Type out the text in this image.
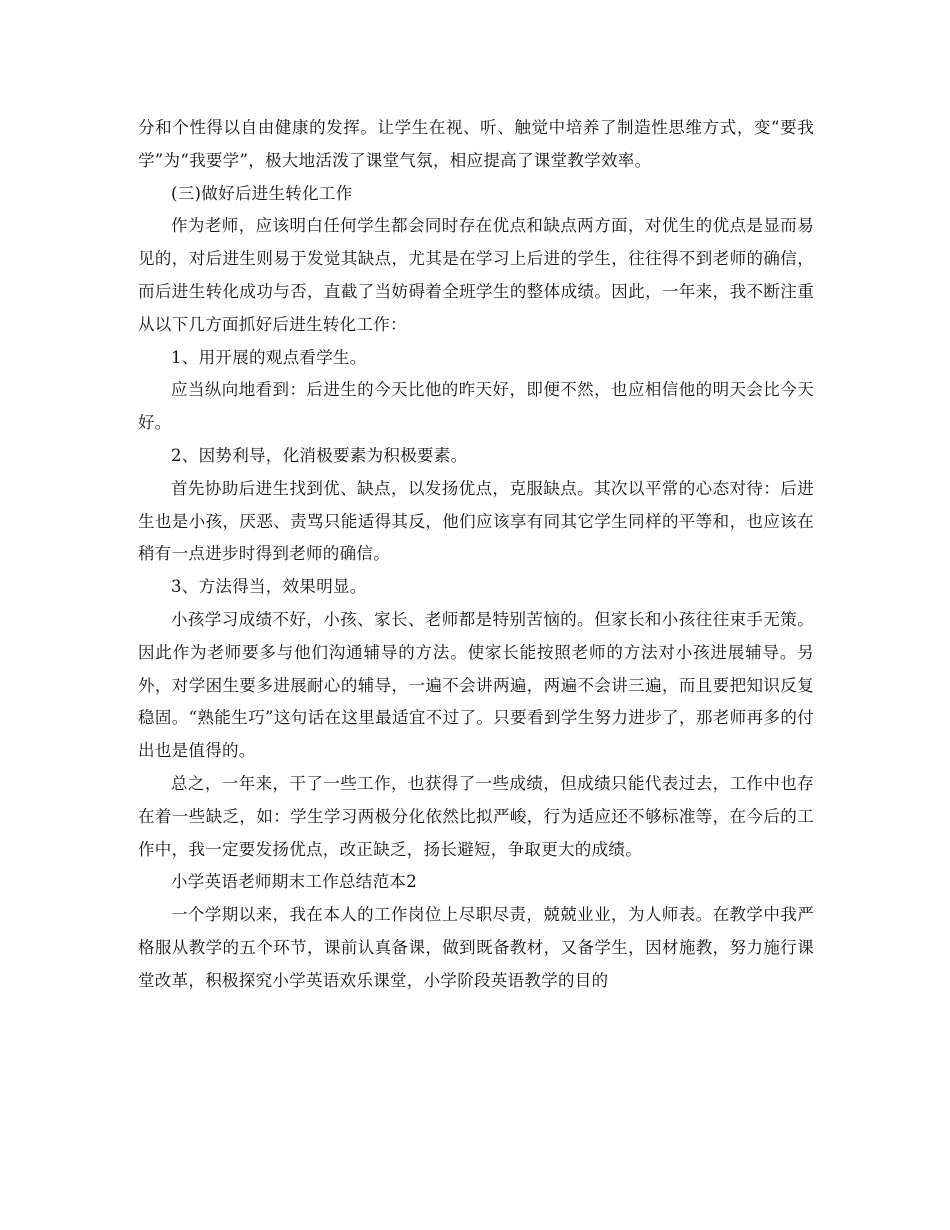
分和个性得以自由健康的发挥。让学生在视、听、触觉中培养了制造性思维方式，变“要我学”为“我要学”，极大地活泼了课堂气氛，相应提高了课堂教学效率。

(三)做好后进生转化工作

作为老师，应该明白任何学生都会同时存在优点和缺点两方面，对优生的优点是显而易见的，对后进生则易于发觉其缺点，尤其是在学习上后进的学生，往往得不到老师的确信，而后进生转化成功与否，直截了当妨碍着全班学生的整体成绩。因此，一年来，我不断注重从以下几方面抓好后进生转化工作：

1、用开展的观点看学生。

应当纵向地看到：后进生的今天比他的昨天好，即便不然，也应相信他的明天会比今天好。

2、因势利导，化消极要素为积极要素。

首先协助后进生找到优、缺点，以发扬优点，克服缺点。其次以平常的心态对待：后进生也是小孩，厌恶、责骂只能适得其反，他们应该享有同其它学生同样的平等和，也应该在稍有一点进步时得到老师的确信。

3、方法得当，效果明显。

小孩学习成绩不好，小孩、家长、老师都是特别苦恼的。但家长和小孩往往束手无策。因此作为老师要多与他们沟通辅导的方法。使家长能按照老师的方法对小孩进展辅导。另外，对学困生要多进展耐心的辅导，一遍不会讲两遍，两遍不会讲三遍，而且要把知识反复稳固。“熟能生巧”这句话在这里最适宜不过了。只要看到学生努力进步了，那老师再多的付出也是值得的。

总之，一年来，干了一些工作，也获得了一些成绩，但成绩只能代表过去，工作中也存在着一些缺乏，如：学生学习两极分化依然比拟严峻，行为适应还不够标准等，在今后的工作中，我一定要发扬优点，改正缺乏，扬长避短，争取更大的成绩。

小学英语老师期末工作总结范本2

一个学期以来，我在本人的工作岗位上尽职尽责，兢兢业业，为人师表。在教学中我严格服从教学的五个环节，课前认真备课，做到既备教材，又备学生，因材施教，努力施行课堂改革，积极探究小学英语欢乐课堂，小学阶段英语教学的目的
